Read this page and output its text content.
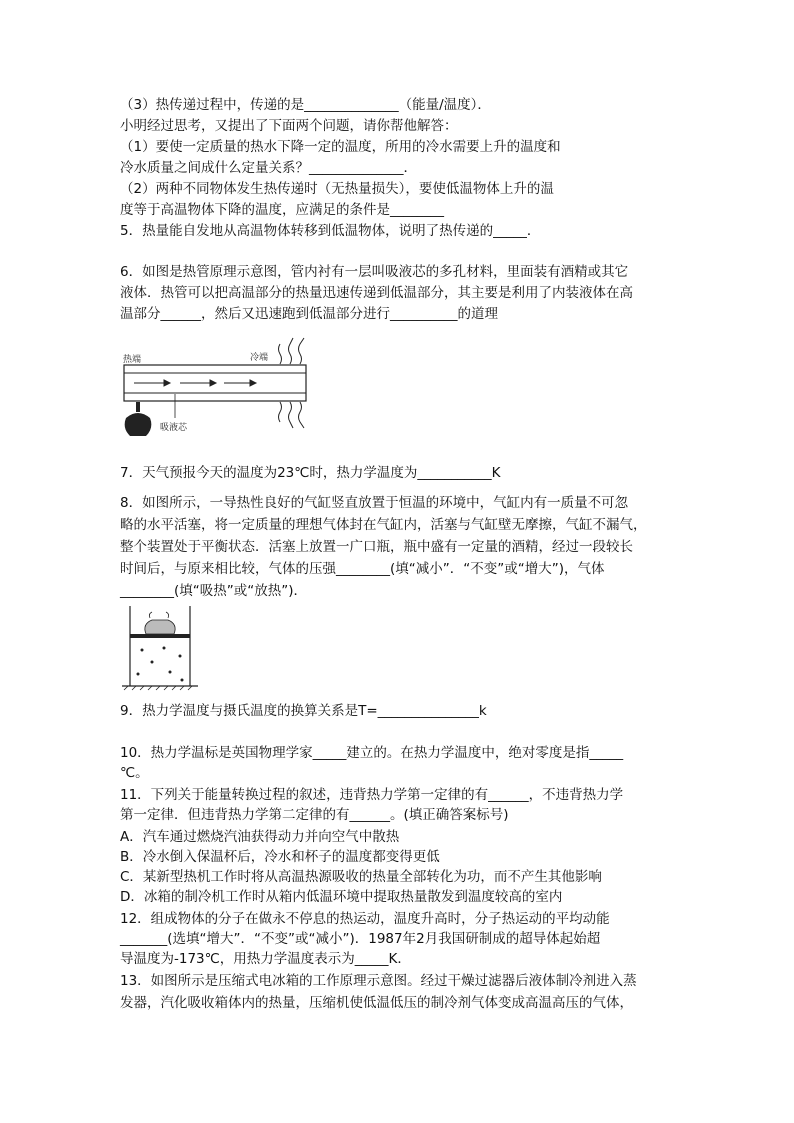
（3）热传递过程中，传递的是______________（能量/温度）．
小明经过思考，又提出了下面两个问题，请你帮他解答：
（1）要使一定质量的热水下降一定的温度，所用的冷水需要上升的温度和
冷水质量之间成什么定量关系？______________．
（2）两种不同物体发生热传递时（无热量损失），要使低温物体上升的温
度等于高温物体下降的温度，应满足的条件是________
5．热量能自发地从高温物体转移到低温物体，说明了热传递的_____．
6．如图是热管原理示意图，管内衬有一层叫吸液芯的多孔材料，里面装有酒精或其它
液体．热管可以把高温部分的热量迅速传递到低温部分，其主要是利用了内装液体在高
温部分______，然后又迅速跑到低温部分进行__________的道理
热端	冷端
吸液芯
7．天气预报今天的温度为23℃时，热力学温度为___________K
8．如图所示，一导热性良好的气缸竖直放置于恒温的环境中，气缸内有一质量不可忽
略的水平活塞，将一定质量的理想气体封在气缸内，活塞与气缸壁无摩擦，气缸不漏气，
整个装置处于平衡状态．活塞上放置一广口瓶，瓶中盛有一定量的酒精，经过一段较长
时间后，与原来相比较，气体的压强________(填“减小”．“不变”或“增大”)，气体
________(填“吸热”或“放热”)．
9．热力学温度与摄氏温度的换算关系是T=_______________k
10．热力学温标是英国物理学家_____建立的。在热力学温度中，绝对零度是指_____
℃。
11．下列关于能量转换过程的叙述，违背热力学第一定律的有______，不违背热力学
第一定律．但违背热力学第二定律的有______。(填正确答案标号)
A．汽车通过燃烧汽油获得动力并向空气中散热
B．冷水倒入保温杯后，冷水和杯子的温度都变得更低
C．某新型热机工作时将从高温热源吸收的热量全部转化为功，而不产生其他影响
D．冰箱的制冷机工作时从箱内低温环境中提取热量散发到温度较高的室内
12．组成物体的分子在做永不停息的热运动，温度升高时，分子热运动的平均动能
_______(选填“增大”．“不变”或“减小”)．1987年2月我国研制成的超导体起始超
导温度为-173℃，用热力学温度表示为_____K．
13．如图所示是压缩式电冰箱的工作原理示意图。经过干燥过滤器后液体制冷剂进入蒸
发器，汽化吸收箱体内的热量，压缩机使低温低压的制冷剂气体变成高温高压的气体，
